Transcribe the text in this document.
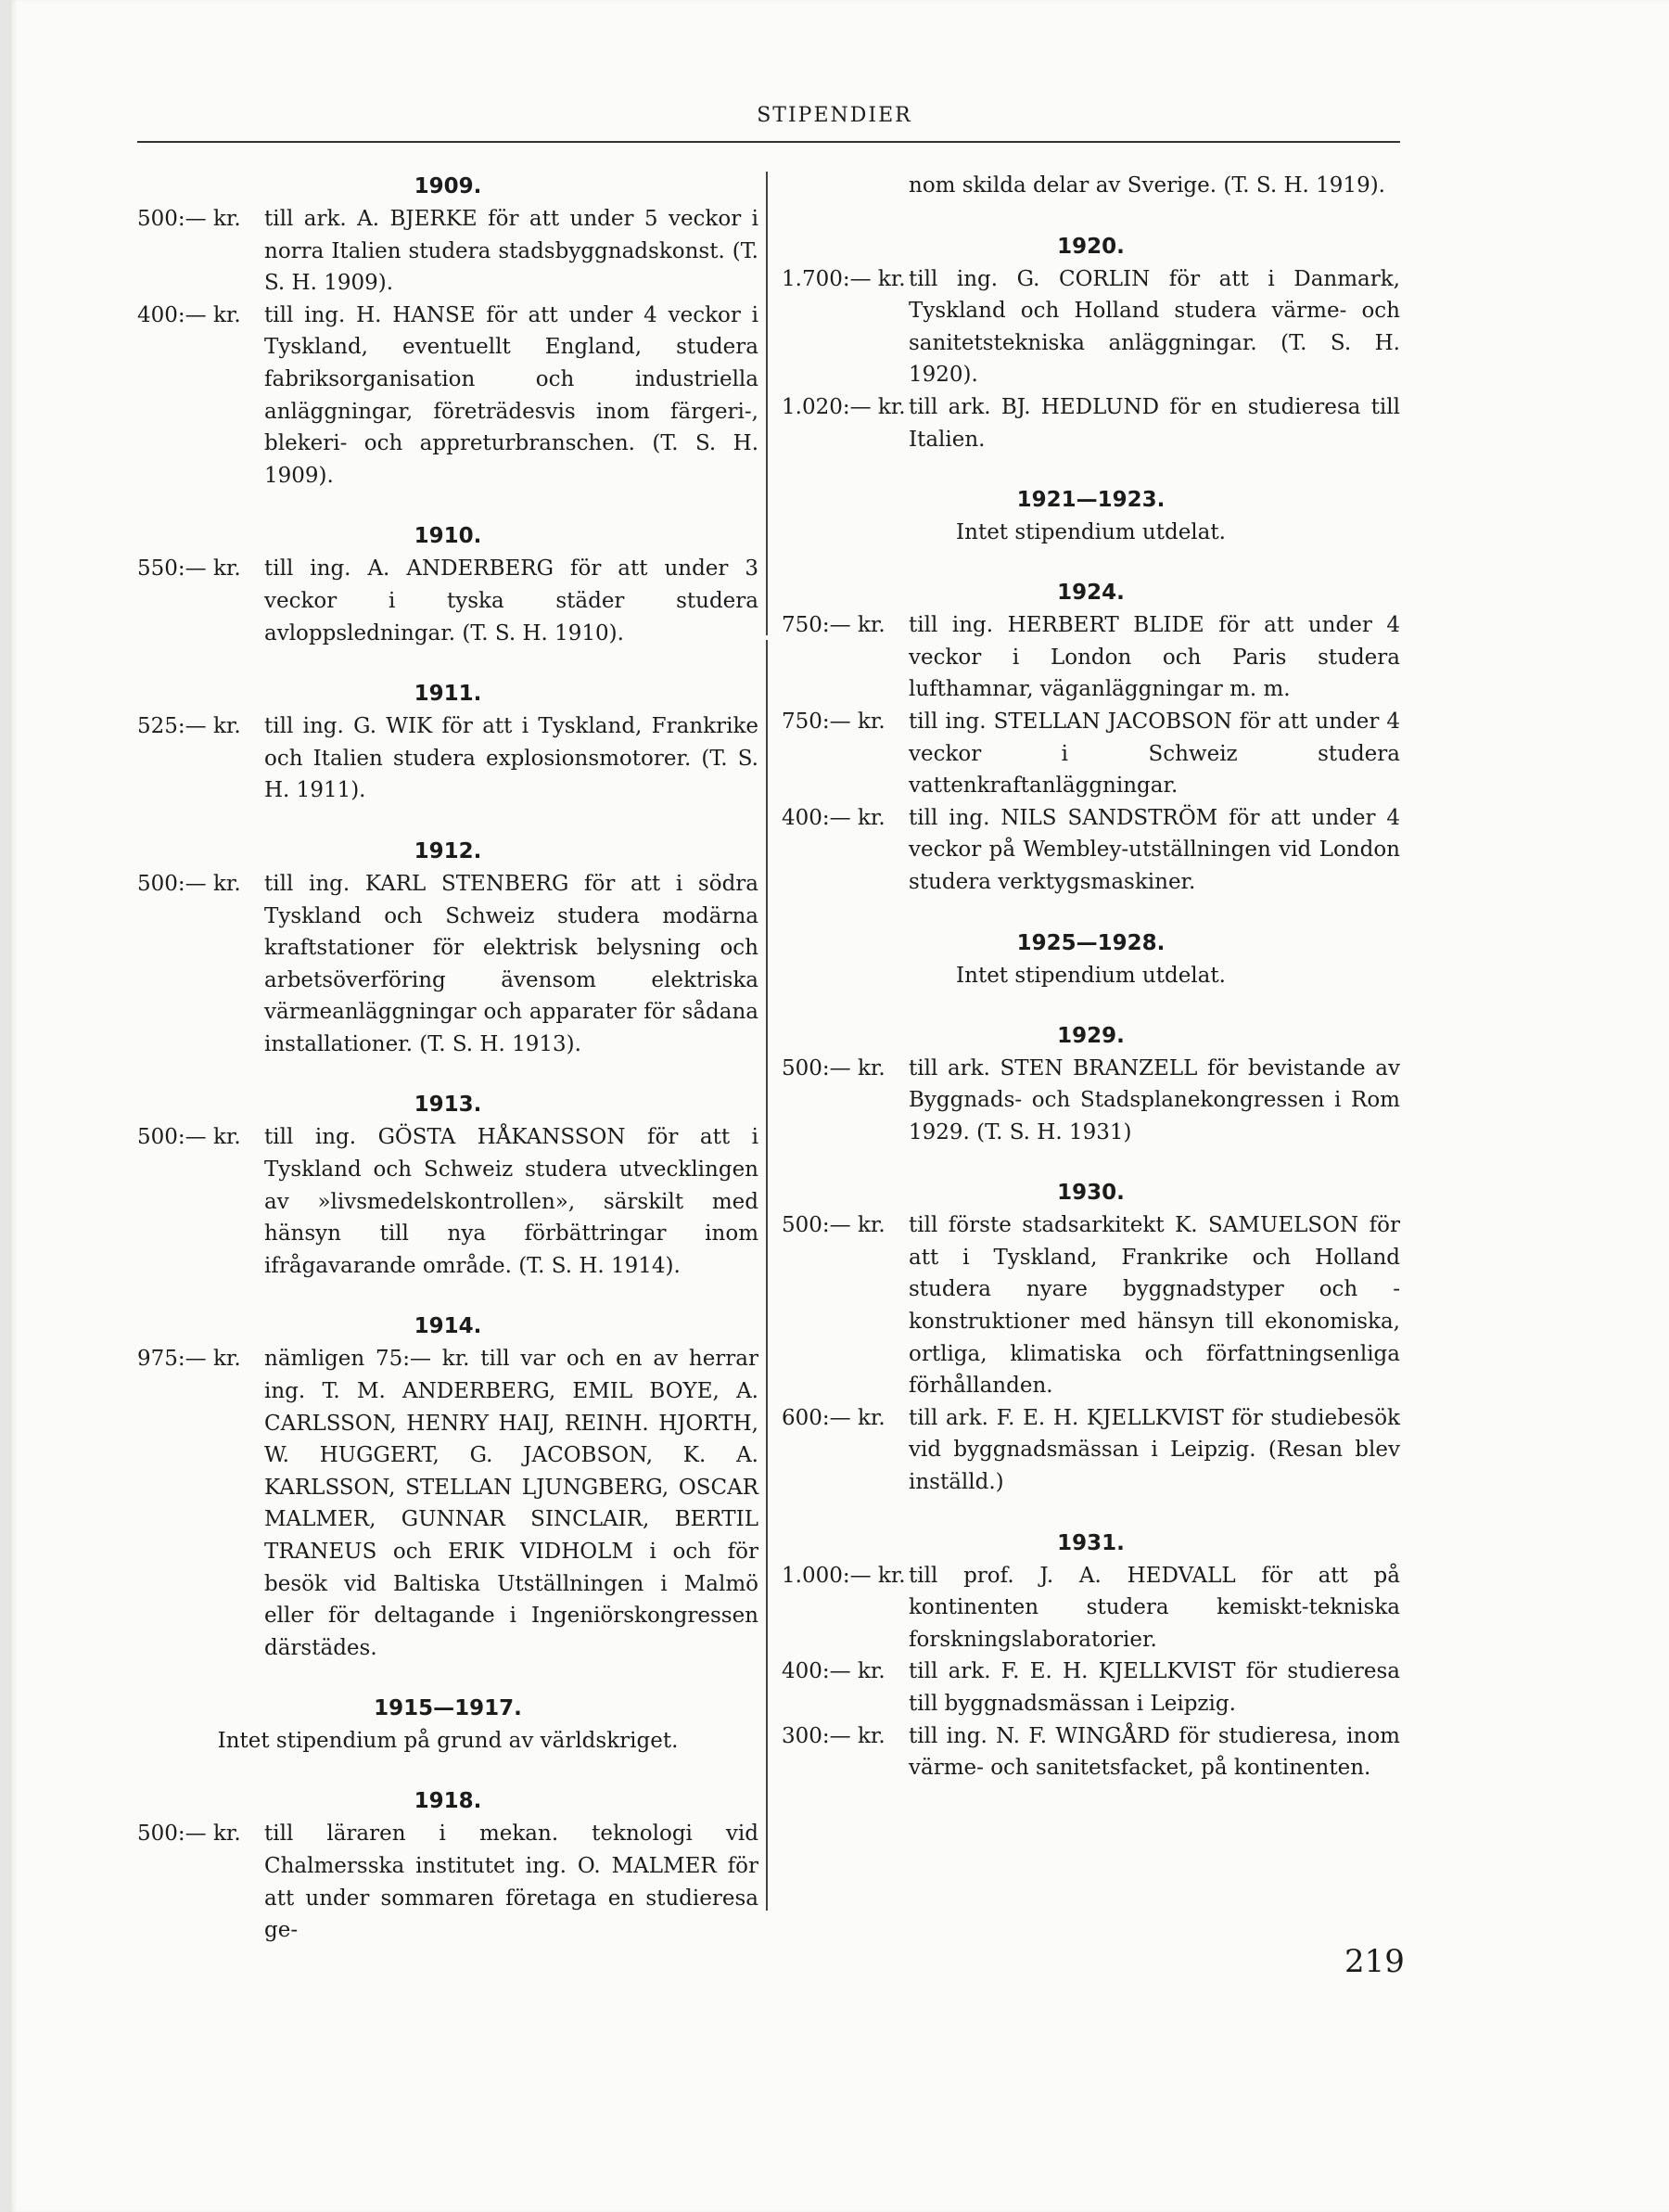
STIPENDIER
1909.
500:— kr. till ark. A. BJERKE för att under 5 veckor i norra Italien studera stadsbyggnadskonst. (T. S. H. 1909).

400:— kr. till ing. H. HANSE för att under 4 veckor i Tyskland, eventuellt England, studera fabriksorganisation och industriella anläggningar, företrädesvis inom färgeri-, blekeri- och appreturbranschen. (T. S. H. 1909).

1910.
550:— kr. till ing. A. ANDERBERG för att under 3 veckor i tyska städer studera avloppsledningar. (T. S. H. 1910).

1911.
525:— kr. till ing. G. WIK för att i Tyskland, Frankrike och Italien studera explosionsmotorer. (T. S. H. 1911).

1912.
500:— kr. till ing. KARL STENBERG för att i södra Tyskland och Schweiz studera modärna kraftstationer för elektrisk belysning och arbetsöverföring ävensom elektriska värmeanläggningar och apparater för sådana installationer. (T. S. H. 1913).

1913.
500:— kr. till ing. GÖSTA HÅKANSSON för att i Tyskland och Schweiz studera utvecklingen av »livsmedelskontrollen», särskilt med hänsyn till nya förbättringar inom ifrågavarande område. (T. S. H. 1914).

1914.
975:— kr. nämligen 75:— kr. till var och en av herrar ing. T. M. ANDERBERG, EMIL BOYE, A. CARLSSON, HENRY HAIJ, REINH. HJORTH, W. HUGGERT, G. JACOBSON, K. A. KARLSSON, STELLAN LJUNGBERG, OSCAR MALMER, GUNNAR SINCLAIR, BERTIL TRANEUS och ERIK VIDHOLM i och för besök vid Baltiska Utställningen i Malmö eller för deltagande i Ingeniörskongressen därstädes.

1915—1917.

Intet stipendium på grund av världskriget.

1918.
500:— kr. till läraren i mekan. teknologi vid Chalmersska institutet ing. O. MALMER för att under sommaren företaga en studieresa ge-

nom skilda delar av Sverige. (T. S. H. 1919).

1920.
1.700:— kr. till ing. G. CORLIN för att i Danmark, Tyskland och Holland studera värme- och sanitetstekniska anläggningar. (T. S. H. 1920).

1.020:— kr. till ark. BJ. HEDLUND för en studieresa till Italien.

1921—1923.

Intet stipendium utdelat.

1924.
750:— kr. till ing. HERBERT BLIDE för att under 4 veckor i London och Paris studera lufthamnar, väganläggningar m. m.

750:— kr. till ing. STELLAN JACOBSON för att under 4 veckor i Schweiz studera vattenkraftanläggningar.

400:— kr. till ing. NILS SANDSTRÖM för att under 4 veckor på Wembley-utställningen vid London studera verktygsmaskiner.

1925—1928.

Intet stipendium utdelat.

1929.
500:— kr. till ark. STEN BRANZELL för bevistande av Byggnads- och Stadsplanekongressen i Rom 1929. (T. S. H. 1931)

1930.
500:— kr. till förste stadsarkitekt K. SAMUELSON för att i Tyskland, Frankrike och Holland studera nyare byggnadstyper och -konstruktioner med hänsyn till ekonomiska, ortliga, klimatiska och författningsenliga förhållanden.

600:— kr. till ark. F. E. H. KJELLKVIST för studiebesök vid byggnadsmässan i Leipzig. (Resan blev inställd.)

1931.
1.000:— kr. till prof. J. A. HEDVALL för att på kontinenten studera kemiskt-tekniska forskningslaboratorier.

400:— kr. till ark. F. E. H. KJELLKVIST för studieresa till byggnadsmässan i Leipzig.

300:— kr. till ing. N. F. WINGÅRD för studieresa, inom värme- och sanitetsfacket, på kontinenten.

219
